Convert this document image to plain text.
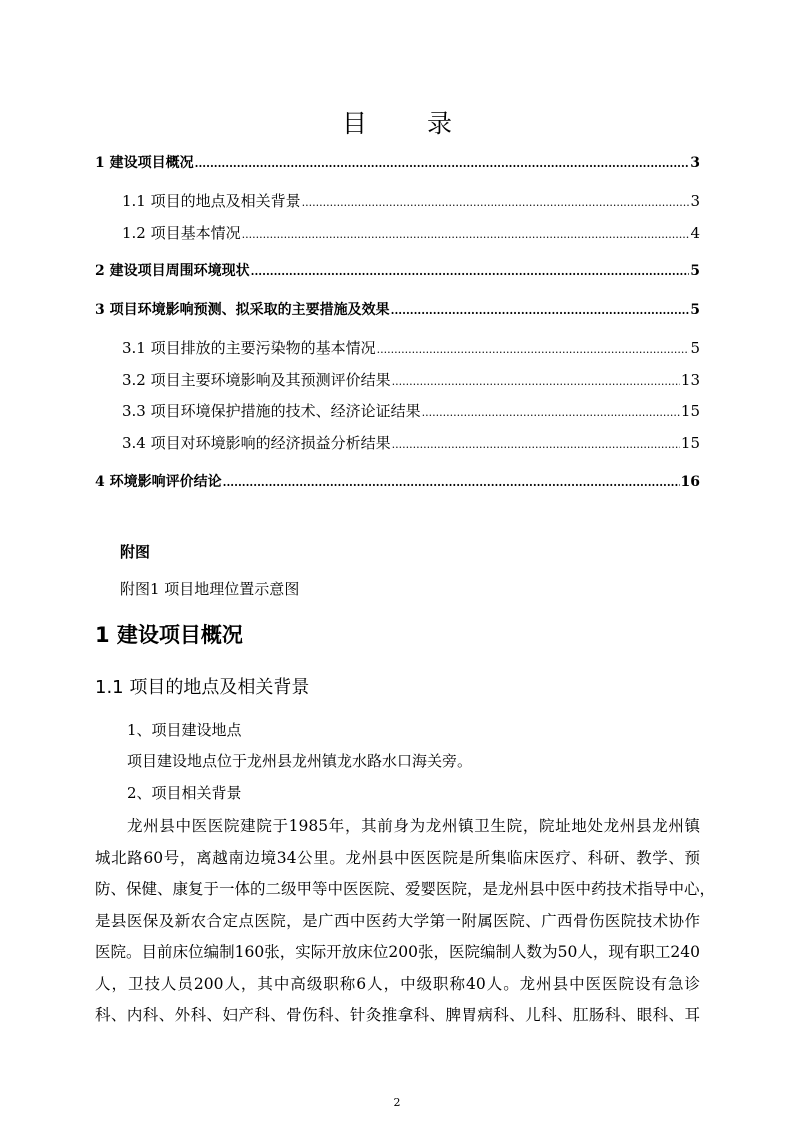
目 录
1 建设项目概况 .....	3
1.1 项目的地点及相关背景 .....	3
1.2 项目基本情况 .....	4
2 建设项目周围环境现状 .....	5
3 项目环境影响预测、拟采取的主要措施及效果 .....	5
3.1 项目排放的主要污染物的基本情况 .....	5
3.2 项目主要环境影响及其预测评价结果 .....	13
3.3 项目环境保护措施的技术、经济论证结果 .....	15
3.4 项目对环境影响的经济损益分析结果 .....	15
4 环境影响评价结论 .....	16
附图
附图1 项目地理位置示意图
1 建设项目概况
1.1 项目的地点及相关背景
1、项目建设地点
项目建设地点位于龙州县龙州镇龙水路水口海关旁。
2、项目相关背景
龙州县中医医院建院于1985年，其前身为龙州镇卫生院，院址地处龙州县龙州镇
城北路60号，离越南边境34公里。龙州县中医医院是所集临床医疗、科研、教学、预
防、保健、康复于一体的二级甲等中医医院、爱婴医院，是龙州县中医中药技术指导中心，
是县医保及新农合定点医院，是广西中医药大学第一附属医院、广西骨伤医院技术协作
医院。目前床位编制160张，实际开放床位200张，医院编制人数为50人，现有职工240
人，卫技人员200人，其中高级职称6人，中级职称40人。龙州县中医医院设有急诊
科、内科、外科、妇产科、骨伤科、针灸推拿科、脾胃病科、儿科、肛肠科、眼科、耳
2
